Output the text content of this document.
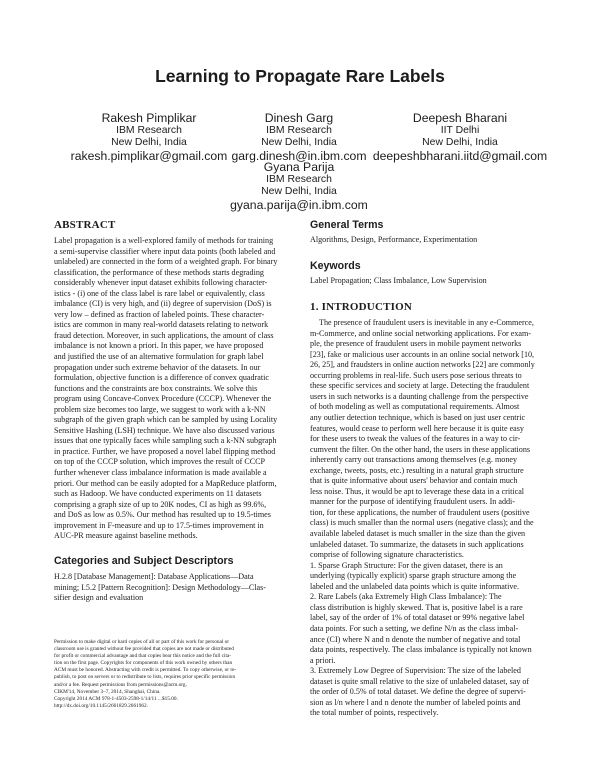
Learning to Propagate Rare Labels
Rakesh Pimplikar
IBM Research
New Delhi, India
rakesh.pimplikar@gmail.com
Dinesh Garg
IBM Research
New Delhi, India
garg.dinesh@in.ibm.com
Deepesh Bharani
IIT Delhi
New Delhi, India
deepeshbharani.iitd@gmail.com
Gyana Parija
IBM Research
New Delhi, India
gyana.parija@in.ibm.com
ABSTRACT
Label propagation is a well-explored family of methods for training
a semi-supervise classifier where input data points (both labeled and
unlabeled) are connected in the form of a weighted graph. For binary
classification, the performance of these methods starts degrading
considerably whenever input dataset exhibits following character-
istics - (i) one of the class label is rare label or equivalently, class
imbalance (CI) is very high, and (ii) degree of supervision (DoS) is
very low – defined as fraction of labeled points. These character-
istics are common in many real-world datasets relating to network
fraud detection. Moreover, in such applications, the amount of class
imbalance is not known a priori. In this paper, we have proposed
and justified the use of an alternative formulation for graph label
propagation under such extreme behavior of the datasets. In our
formulation, objective function is a difference of convex quadratic
functions and the constraints are box constraints. We solve this
program using Concave-Convex Procedure (CCCP). Whenever the
problem size becomes too large, we suggest to work with a k-NN
subgraph of the given graph which can be sampled by using Locality
Sensitive Hashing (LSH) technique. We have also discussed various
issues that one typically faces while sampling such a k-NN subgraph
in practice. Further, we have proposed a novel label flipping method
on top of the CCCP solution, which improves the result of CCCP
further whenever class imbalance information is made available a
priori. Our method can be easily adopted for a MapReduce platform,
such as Hadoop. We have conducted experiments on 11 datasets
comprising a graph size of up to 20K nodes, CI as high as 99.6%,
and DoS as low as 0.5%. Our method has resulted up to 19.5-times
improvement in F-measure and up to 17.5-times improvement in
AUC-PR measure against baseline methods.
Categories and Subject Descriptors
H.2.8 [Database Management]: Database Applications—Data
mining; I.5.2 [Pattern Recognition]: Design Methodology—Clas-
sifier design and evaluation
Permission to make digital or hard copies of all or part of this work for personal or
classroom use is granted without fee provided that copies are not made or distributed
for profit or commercial advantage and that copies bear this notice and the full cita-
tion on the first page. Copyrights for components of this work owned by others than
ACM must be honored. Abstracting with credit is permitted. To copy otherwise, or re-
publish, to post on servers or to redistribute to lists, requires prior specific permission
and/or a fee. Request permissions from permissions@acm.org.
CIKM'14, November 3–7, 2014, Shanghai, China.
Copyright 2014 ACM 978-1-4503-2598-1/14/11 ...$15.00.
http://dx.doi.org/10.1145/2661829.2661962.
General Terms

Algorithms, Design, Performance, Experimentation

Keywords

Label Propagation; Class Imbalance, Low Supervision

1. INTRODUCTION
The presence of fraudulent users is inevitable in any e-Commerce,
m-Commerce, and online social networking applications. For exam-
ple, the presence of fraudulent users in mobile payment networks
[23], fake or malicious user accounts in an online social network [10,
26, 25], and fraudsters in online auction networks [22] are commonly
occurring problems in real-life. Such users pose serious threats to
these specific services and society at large. Detecting the fraudulent
users in such networks is a daunting challenge from the perspective
of both modeling as well as computational requirements. Almost
any outlier detection technique, which is based on just user centric
features, would cease to perform well here because it is quite easy
for these users to tweak the values of the features in a way to cir-
cumvent the filter. On the other hand, the users in these applications
inherently carry out transactions among themselves (e.g. money
exchange, tweets, posts, etc.) resulting in a natural graph structure
that is quite informative about users' behavior and contain much
less noise. Thus, it would be apt to leverage these data in a critical
manner for the purpose of identifying fraudulent users. In addi-
tion, for these applications, the number of fraudulent users (positive
class) is much smaller than the normal users (negative class); and the
available labeled dataset is much smaller in the size than the given
unlabeled dataset. To summarize, the datasets in such applications
comprise of following signature characteristics.
1. Sparse Graph Structure: For the given dataset, there is an
underlying (typically explicit) sparse graph structure among the
labeled and the unlabeled data points which is quite informative.
2. Rare Labels (aka Extremely High Class Imbalance): The
class distribution is highly skewed. That is, positive label is a rare
label, say of the order of 1% of total dataset or 99% negative label
data points. For such a setting, we define N/n as the class imbal-
ance (CI) where N and n denote the number of negative and total
data points, respectively. The class imbalance is typically not known
a priori.
3. Extremely Low Degree of Supervision: The size of the labeled
dataset is quite small relative to the size of unlabeled dataset, say of
the order of 0.5% of total dataset. We define the degree of supervi-
sion as l/n where l and n denote the number of labeled points and
the total number of points, respectively.
